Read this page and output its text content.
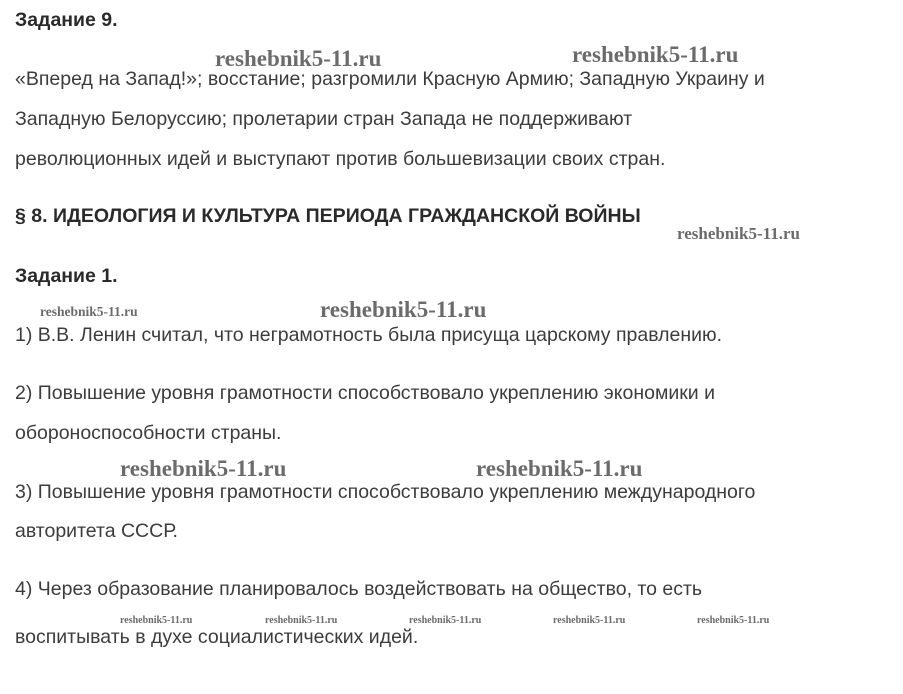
Задание 9.
reshebnik5-11.ru	reshebnik5-11.ru
«Вперед на Запад!»; восстание; разгромили Красную Армию; Западную Украину и
Западную Белоруссию; пролетарии стран Запада не поддерживают
революционных идей и выступают против большевизации своих стран.
§ 8. ИДЕОЛОГИЯ И КУЛЬТУРА ПЕРИОДА ГРАЖДАНСКОЙ ВОЙНЫ
reshebnik5-11.ru
Задание 1.
reshebnik5-11.ru	reshebnik5-11.ru
1) В.В. Ленин считал, что неграмотность была присуща царскому правлению.
2) Повышение уровня грамотности способствовало укреплению экономики и
обороноспособности страны.
reshebnik5-11.ru	reshebnik5-11.ru
3) Повышение уровня грамотности способствовало укреплению международного
авторитета СССР.
4) Через образование планировалось воздействовать на общество, то есть
reshebnik5-11.ru	reshebnik5-11.ru	reshebnik5-11.ru	reshebnik5-11.ru	reshebnik5-11.ru
воспитывать в духе социалистических идей.
